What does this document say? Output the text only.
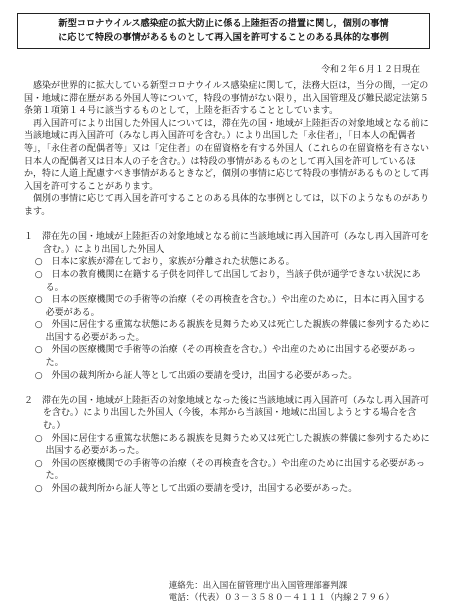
新型コロナウイルス感染症の拡大防止に係る上陸拒否の措置に関し，個別の事情
に応じて特段の事情があるものとして再入国を許可することのある具体的な事例
令和２年６月１２日現在

感染が世界的に拡大している新型コロナウイルス感染症に関して，法務大臣は，当分の間，一定の国・地域に滞在歴がある外国人等について，特段の事情がない限り，出入国管理及び難民認定法第５条第１項第１４号に該当するものとして，上陸を拒否することとしています。

再入国許可により出国した外国人については，滞在先の国・地域が上陸拒否の対象地域となる前に当該地域に再入国許可（みなし再入国許可を含む。）により出国した「永住者」，「日本人の配偶者等」，「永住者の配偶者等」又は「定住者」の在留資格を有する外国人（これらの在留資格を有さない日本人の配偶者又は日本人の子を含む。）は特段の事情があるものとして再入国を許可しているほか，特に人道上配慮すべき事情があるときなど，個別の事情に応じて特段の事情があるものとして再入国を許可することがあります。

個別の事情に応じて再入国を許可することのある具体的な事例としては，以下のようなものがあります。

１　滞在先の国・地域が上陸拒否の対象地域となる前に当該地域に再入国許可（みなし再入国許可を含む。）により出国した外国人

○　日本に家族が滞在しており，家族が分離された状態にある。

○　日本の教育機関に在籍する子供を同伴して出国しており，当該子供が通学できない状況にある。

○　日本の医療機関での手術等の治療（その再検査を含む。）や出産のために，日本に再入国する必要がある。

○　外国に居住する重篤な状態にある親族を見舞うため又は死亡した親族の葬儀に参列するために出国する必要があった。

○　外国の医療機関で手術等の治療（その再検査を含む。）や出産のために出国する必要があった。

○　外国の裁判所から証人等として出頭の要請を受け，出国する必要があった。

２　滞在先の国・地域が上陸拒否の対象地域となった後に当該地域に再入国許可（みなし再入国許可を含む。）により出国した外国人（今後，本邦から当該国・地域に出国しようとする場合を含む。）

○　外国に居住する重篤な状態にある親族を見舞うため又は死亡した親族の葬儀に参列するために出国する必要があった。

○　外国の医療機関での手術等の治療（その再検査を含む。）や出産のために出国する必要があった。

○　外国の裁判所から証人等として出頭の要請を受け，出国する必要があった。

連絡先：出入国在留管理庁出入国管理部審判課
電話：（代表）０３－３５８０－４１１１（内線２７９６）
